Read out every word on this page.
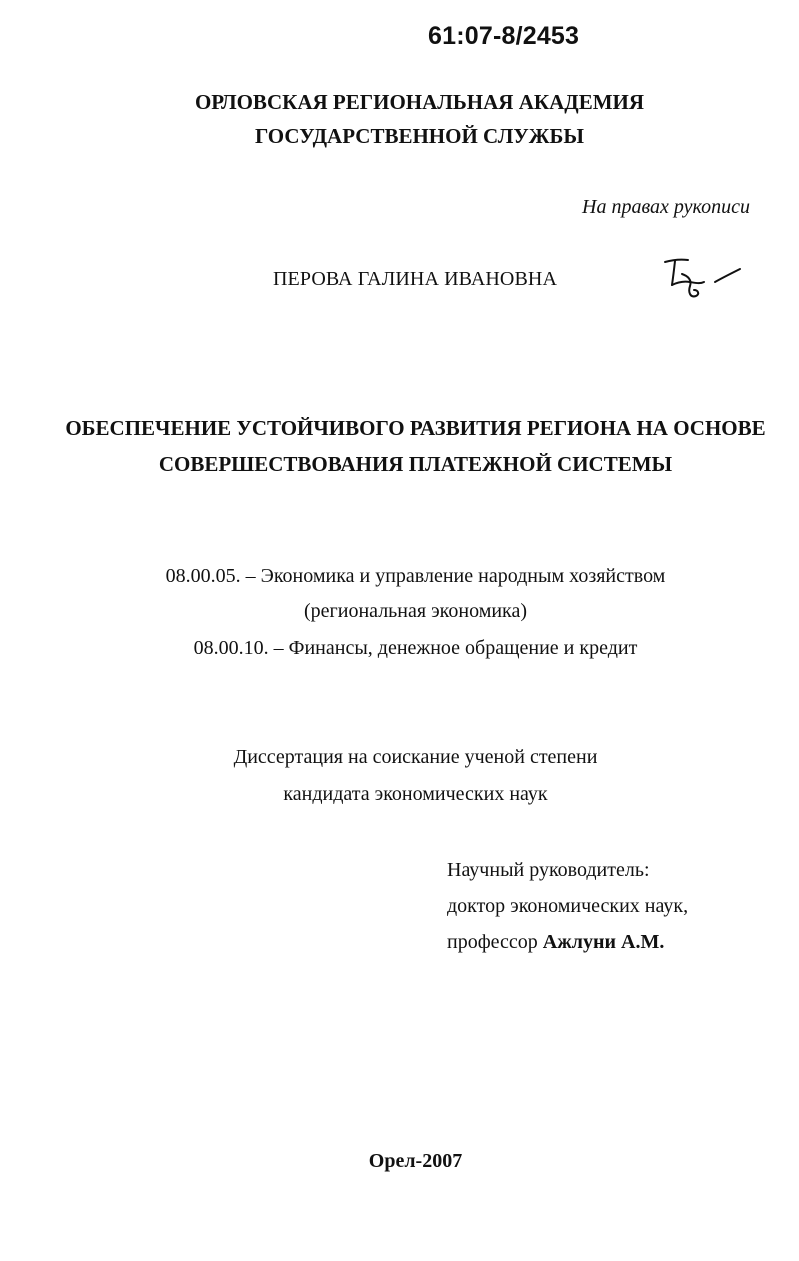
61:07-8/2453
ОРЛОВСКАЯ РЕГИОНАЛЬНАЯ АКАДЕМИЯ
ГОСУДАРСТВЕННОЙ СЛУЖБЫ
На правах рукописи
ПЕРОВА ГАЛИНА ИВАНОВНА
ОБЕСПЕЧЕНИЕ УСТОЙЧИВОГО РАЗВИТИЯ РЕГИОНА НА ОСНОВЕ
СОВЕРШЕСТВОВАНИЯ ПЛАТЕЖНОЙ СИСТЕМЫ
08.00.05. – Экономика и управление народным хозяйством
(региональная экономика)
08.00.10. – Финансы, денежное обращение и кредит
Диссертация на соискание ученой степени
кандидата экономических наук
Научный руководитель:
доктор экономических наук,
профессор Ажлуни А.М.
Орел-2007
